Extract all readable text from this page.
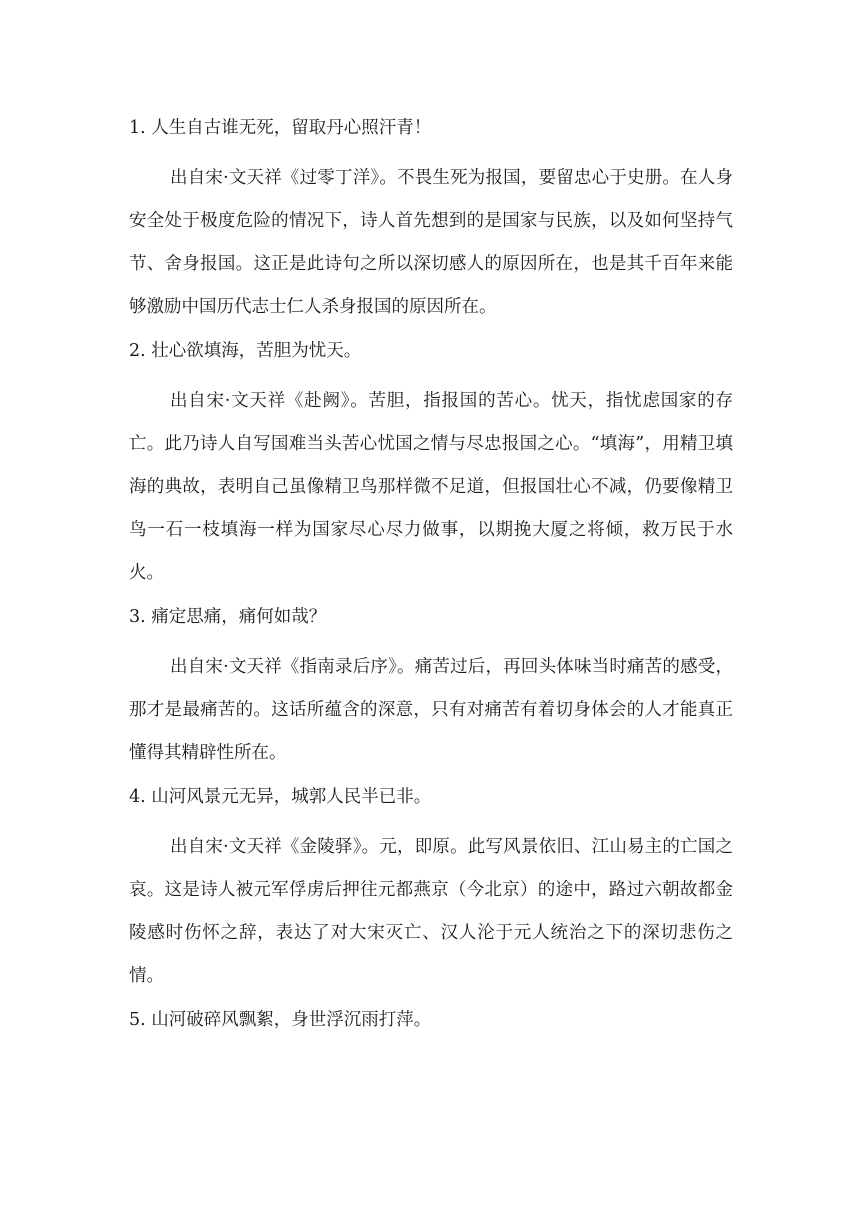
1. 人生自古谁无死，留取丹心照汗青！

出自宋·文天祥《过零丁洋》。不畏生死为报国，要留忠心于史册。在人身安全处于极度危险的情况下，诗人首先想到的是国家与民族，以及如何坚持气节、舍身报国。这正是此诗句之所以深切感人的原因所在，也是其千百年来能够激励中国历代志士仁人杀身报国的原因所在。

2. 壮心欲填海，苦胆为忧天。

出自宋·文天祥《赴阙》。苦胆，指报国的苦心。忧天，指忧虑国家的存亡。此乃诗人自写国难当头苦心忧国之情与尽忠报国之心。“填海”，用精卫填海的典故，表明自己虽像精卫鸟那样微不足道，但报国壮心不减，仍要像精卫鸟一石一枝填海一样为国家尽心尽力做事，以期挽大厦之将倾，救万民于水火。

3. 痛定思痛，痛何如哉？

出自宋·文天祥《指南录后序》。痛苦过后，再回头体味当时痛苦的感受，那才是最痛苦的。这话所蕴含的深意，只有对痛苦有着切身体会的人才能真正懂得其精辟性所在。

4. 山河风景元无异，城郭人民半已非。

出自宋·文天祥《金陵驿》。元，即原。此写风景依旧、江山易主的亡国之哀。这是诗人被元军俘虏后押往元都燕京（今北京）的途中，路过六朝故都金陵感时伤怀之辞，表达了对大宋灭亡、汉人沦于元人统治之下的深切悲伤之情。

5. 山河破碎风飘絮，身世浮沉雨打萍。
